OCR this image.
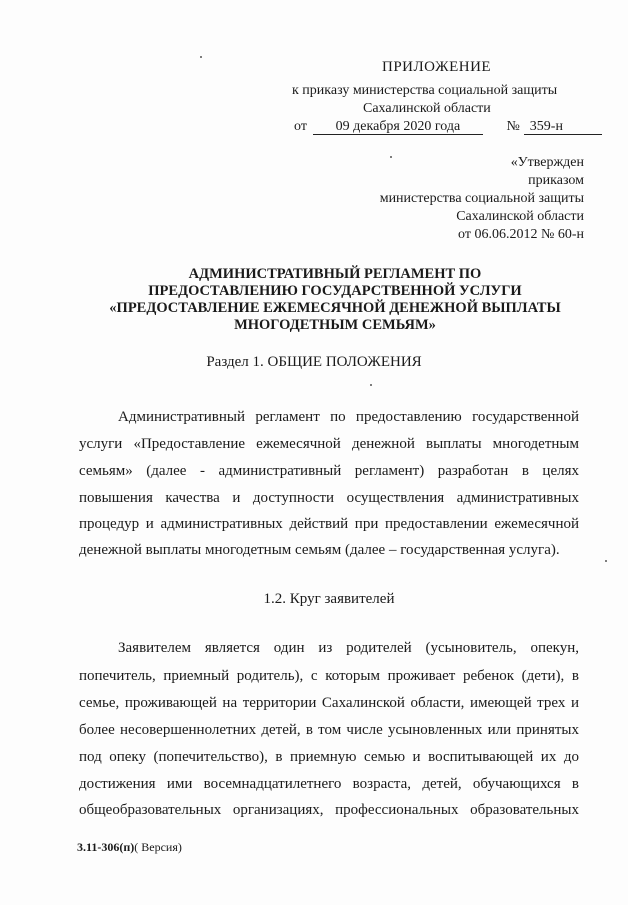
ПРИЛОЖЕНИЕ
к приказу министерства социальной защиты
Сахалинской области
от 09 декабря 2020 года	№ 359-н
«Утвержден
приказом
министерства социальной защиты
Сахалинской области
от 06.06.2012 № 60-н
АДМИНИСТРАТИВНЫЙ РЕГЛАМЕНТ ПО
ПРЕДОСТАВЛЕНИЮ ГОСУДАРСТВЕННОЙ УСЛУГИ
«ПРЕДОСТАВЛЕНИЕ ЕЖЕМЕСЯЧНОЙ ДЕНЕЖНОЙ ВЫПЛАТЫ
МНОГОДЕТНЫМ СЕМЬЯМ»
Раздел 1. ОБЩИЕ ПОЛОЖЕНИЯ
Административный регламент по предоставлению государственной
услуги «Предоставление ежемесячной денежной выплаты многодетным
семьям» (далее - административный регламент) разработан в целях
повышения качества и доступности осуществления административных
процедур и административных действий при предоставлении ежемесячной
денежной выплаты многодетным семьям (далее – государственная услуга).
1.2. Круг заявителей
Заявителем является один из родителей (усыновитель, опекун,
попечитель, приемный родитель), с которым проживает ребенок (дети), в
семье, проживающей на территории Сахалинской области, имеющей трех и
более несовершеннолетних детей, в том числе усыновленных или принятых
под опеку (попечительство), в приемную семью и воспитывающей их до
достижения ими восемнадцатилетнего возраста, детей, обучающихся в
общеобразовательных организациях, профессиональных образовательных
3.11-306(п)( Версия)
